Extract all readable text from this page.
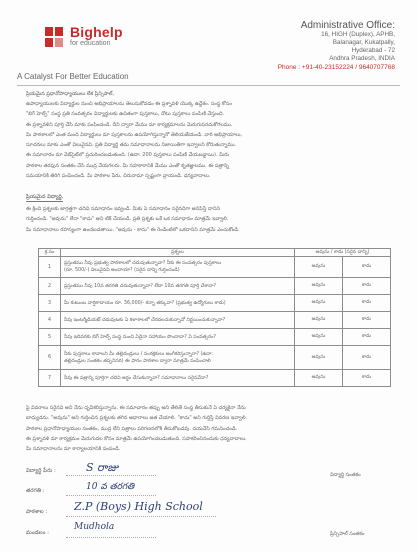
Bighelp
for education
A Catalyst For Better Education
Administrative Office:
16, HIGH (Duplex), APHB,
Balanagar, Kukatpally,
Hyderabad - 72
Andhra Pradesh, INDIA
Phone : +91-40-23152224 / 9640707768
ప్రియమైన ప్రధానోపాధ్యాయులు లేక ప్రిన్సిపాల్,
ఉపాధ్యాయులకు విద్యార్థుల నుంచి అభిప్రాయాలను తెలుసుకోవడం ఈ ప్రశ్నావళి యొక్క ఉద్దేశం. సంస్థ కోసం
"బిగ్ హెల్ప్" సంస్థ ప్రతి సంవత్సరం విద్యార్థులకు ఉచితంగా పుస్తకాలు, నోటు పుస్తకాలు పంపిణీ చేస్తుంది.
ఈ ప్రశ్నావళిని పూర్తి చేసి మాకు పంపించండి. దీని ద్వారా మేము మా కార్యక్రమాలను మెరుగుపరచుకోగలము.
మీ పాఠశాలలో ఎంత మంది విద్యార్థులు మా పుస్తకాలను ఉపయోగిస్తున్నారో తెలియజేయండి. వారి అభిప్రాయాలు,
సూచనలు మాకు ఎంతో విలువైనవి. ప్రతి విద్యార్థి తమ సమాధానాలను నిజాయితీగా ఇవ్వాలని కోరుతున్నాము.
ఈ సమాచారం మా వెబ్‌సైట్‌లో ప్రచురించబడుతుంది. (ఉదా: 200 పుస్తకాలు పంపిణీ చేయబడ్డాయి). మీరు
పాఠశాల తరఫున సంతకం చేసి ముద్ర వేయగలరు. మీ సహకారానికి మేము ఎంతో కృతజ్ఞులము. ఈ పత్రాన్ని
సమయానికి తిరిగి పంపించండి. మీ పాఠశాల పేరు, చిరునామా స్పష్టంగా వ్రాయండి. ధన్యవాదాలు.
ప్రియమైన విద్యార్థి,
ఈ క్రింది ప్రశ్నలకు జాగ్రత్తగా చదివి సమాధానం ఇవ్వండి. మీకు ఏ సమాధానం సరైనదిగా అనిపిస్తే దానిని
గుర్తించండి. "అవును" లేదా "కాదు" అని టిక్ చేయండి. ప్రతి ప్రశ్నకు ఒకే ఒక సమాధానం మాత్రమే ఇవ్వాలి.
మీ సమాధానాలు రహస్యంగా ఉంచబడతాయి. "అవును - కాదు" ఈ రెండింటిలో ఒకదానిని మాత్రమే ఎంచుకోండి.
క్ర.సం	ప్రశ్నలు	అవును / కాదు (సరైన దాన్ని)	
1	ప్రస్తుతము నీవు ప్రభుత్వ పాఠశాలలో చదువుతున్నావా? నీకు ఈ సంవత్సరం పుస్తకాలు
(రూ. 500/-) విలువైనవి అందాయా? (సరైన దాన్ని గుర్తించండి)	అవును	కాదు
2	ప్రస్తుతము నీవు 10వ తరగతి చదువుతున్నావా? లేదా 10వ తరగతి పూర్తి చేశావా?	అవును	కాదు
3	మీ కుటుంబ వార్షికాదాయం రూ. 36,000/- కన్నా తక్కువా? (ప్రభుత్వ ఉద్యోగులు కాదు)	అవును	కాదు
4	నీవు ఇంటర్మీడియట్ చదువుటకు ఏ కళాశాలలో చేరదలచుకున్నావో నిర్ణయించుకున్నావా?	అవును	కాదు
5	నీవు ఇదివరకు బిగ్ హెల్ప్ సంస్థ నుంచి ఏదైనా సహాయం పొందావా? ఏ సంవత్సరం?	అవును	కాదు
6	నీకు పుస్తకాలు కావాలని మీ తల్లిదండ్రులు / సంరక్షకులు అంగీకరిస్తున్నారా? (ఉదా:
తల్లిదండ్రుల సంతకం తప్పనిసరి) ఈ ఫారం పాఠశాల ద్వారా మాత్రమే పంపించాలి	అవును	కాదు
7	నీవు ఈ పత్రాన్ని పూర్తిగా చదివి అర్థం చేసుకున్నావా? సమాధానాలు సరైనవేనా?	అవును	కాదు
పై వివరాలు సరైనవి అని నేను ధృవీకరిస్తున్నాను. ఈ సమాచారం తప్పు అని తేలితే సంస్థ తీసుకునే ఏ చర్యకైనా నేను
బాధ్యుడను. "అవును" అని గుర్తించిన ప్రశ్నలకు తగిన ఆధారాలు జత చేయాలి. "కాదు" అని గుర్తిస్తే వివరణ ఇవ్వాలి.
పాఠశాల ప్రధానోపాధ్యాయుల సంతకం, ముద్ర లేని పత్రాలు పరిగణనలోకి తీసుకోబడవు. దయచేసి గమనించండి.
ఈ ప్రశ్నావళి మా కార్యక్రమం మెరుగుదల కోసం మాత్రమే ఉపయోగించబడుతుంది. సహకరించినందుకు ధన్యవాదాలు.
మీ సమాధానాలను మా కార్యాలయానికి పంపండి.
విద్యార్థి పేరు :	S రాజు
తరగతి :	10 వ తరగతి
పాఠశాల : Z.P (Boys) High School
మండలం :
Mudhola
విద్యార్థి సంతకం
ప్రిన్సిపాల్ సంతకం
